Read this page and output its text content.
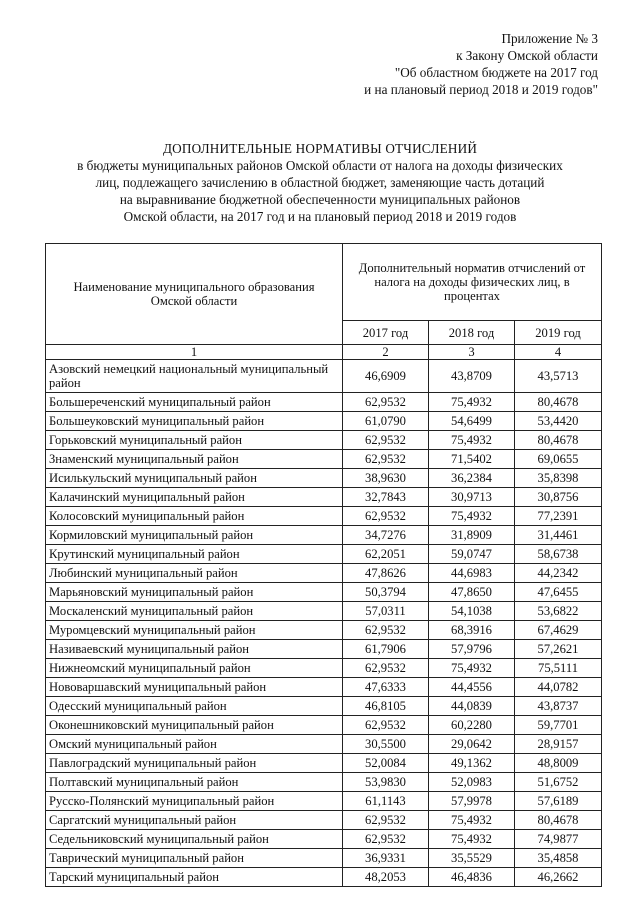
Приложение № 3
к Закону Омской области
"Об областном бюджете на 2017 год
и на плановый период 2018 и 2019 годов"
ДОПОЛНИТЕЛЬНЫЕ НОРМАТИВЫ ОТЧИСЛЕНИЙ
в бюджеты муниципальных районов Омской области от налога на доходы физических
лиц, подлежащего зачислению в областной бюджет, заменяющие часть дотаций
на выравнивание бюджетной обеспеченности муниципальных районов
Омской области, на 2017 год и на плановый период 2018 и 2019 годов
Наименование муниципального образования Омской области	Дополнительный норматив отчислений от налога на доходы физических лиц, в процентах		
	2017 год	2018 год	2019 год
1	2	3	4
Азовский немецкий национальный муниципальный район	46,6909	43,8709	43,5713
Большереченский муниципальный район	62,9532	75,4932	80,4678
Большеуковский муниципальный район	61,0790	54,6499	53,4420
Горьковский муниципальный район	62,9532	75,4932	80,4678
Знаменский муниципальный район	62,9532	71,5402	69,0655
Исилькульский муниципальный район	38,9630	36,2384	35,8398
Калачинский муниципальный район	32,7843	30,9713	30,8756
Колосовский муниципальный район	62,9532	75,4932	77,2391
Кормиловский муниципальный район	34,7276	31,8909	31,4461
Крутинский муниципальный район	62,2051	59,0747	58,6738
Любинский муниципальный район	47,8626	44,6983	44,2342
Марьяновский муниципальный район	50,3794	47,8650	47,6455
Москаленский муниципальный район	57,0311	54,1038	53,6822
Муромцевский муниципальный район	62,9532	68,3916	67,4629
Називаевский муниципальный район	61,7906	57,9796	57,2621
Нижнеомский муниципальный район	62,9532	75,4932	75,5111
Нововаршавский муниципальный район	47,6333	44,4556	44,0782
Одесский муниципальный район	46,8105	44,0839	43,8737
Оконешниковский муниципальный район	62,9532	60,2280	59,7701
Омский муниципальный район	30,5500	29,0642	28,9157
Павлоградский муниципальный район	52,0084	49,1362	48,8009
Полтавский муниципальный район	53,9830	52,0983	51,6752
Русско-Полянский муниципальный район	61,1143	57,9978	57,6189
Саргатский муниципальный район	62,9532	75,4932	80,4678
Седельниковский муниципальный район	62,9532	75,4932	74,9877
Таврический муниципальный район	36,9331	35,5529	35,4858
Тарский муниципальный район	48,2053	46,4836	46,2662
